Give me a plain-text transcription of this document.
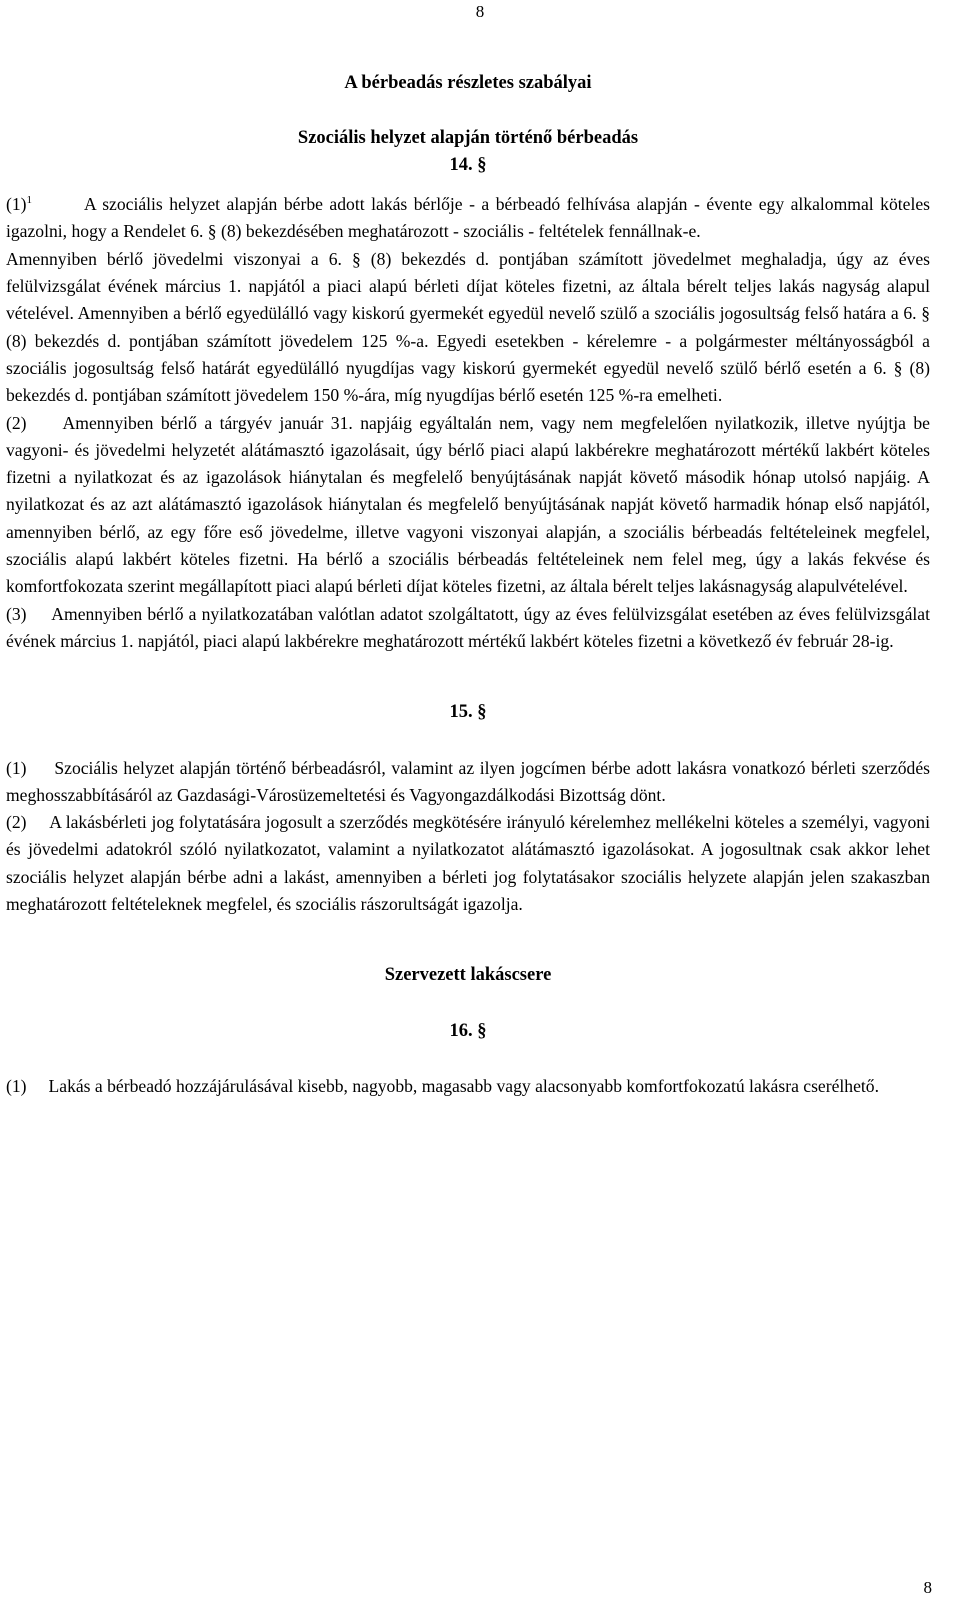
8
A bérbeadás részletes szabályai
Szociális helyzet alapján történő bérbeadás
14. §

$(1)^1$	A szociális helyzet alapján bérbe adott lakás bérlője - a bérbeadó felhívása alapján - évente egy alkalommal köteles igazolni, hogy a Rendelet 6. § (8) bekezdésében meghatározott - szociális - feltételek fennállnak-e.

Amennyiben bérlő jövedelmi viszonyai a 6. § (8) bekezdés d. pontjában számított jövedelmet meghaladja, úgy az éves felülvizsgálat évének március 1. napjától a piaci alapú bérleti díjat köteles fizetni, az általa bérelt teljes lakás nagyság alapul vételével. Amennyiben a bérlő egyedülálló vagy kiskorú gyermekét egyedül nevelő szülő a szociális jogosultság felső határa a 6. § (8) bekezdés d. pontjában számított jövedelem 125 %-a. Egyedi esetekben - kérelemre - a polgármester méltányosságból a szociális jogosultság felső határát egyedülálló nyugdíjas vagy kiskorú gyermekét egyedül nevelő szülő bérlő esetén a 6. § (8) bekezdés d. pontjában számított jövedelem 150 %-ára, míg nyugdíjas bérlő esetén 125 %-ra emelheti.

(2)     Amennyiben bérlő a tárgyév január 31. napjáig egyáltalán nem, vagy nem megfelelően nyilatkozik, illetve nyújtja be vagyoni- és jövedelmi helyzetét alátámasztó igazolásait, úgy bérlő piaci alapú lakbérekre meghatározott mértékű lakbért köteles fizetni a nyilatkozat és az igazolások hiánytalan és megfelelő benyújtásának napját követő második hónap utolsó napjáig. A nyilatkozat és az azt alátámasztó igazolások hiánytalan és megfelelő benyújtásának napját követő harmadik hónap első napjától, amennyiben bérlő, az egy főre eső jövedelme, illetve vagyoni viszonyai alapján, a szociális bérbeadás feltételeinek megfelel, szociális alapú lakbért köteles fizetni. Ha bérlő a szociális bérbeadás feltételeinek nem felel meg, úgy a lakás fekvése és komfortfokozata szerint megállapított piaci alapú bérleti díjat köteles fizetni, az általa bérelt teljes lakásnagyság alapulvételével.

(3)     Amennyiben bérlő a nyilatkozatában valótlan adatot szolgáltatott, úgy az éves felülvizsgálat esetében az éves felülvizsgálat évének március 1. napjától, piaci alapú lakbérekre meghatározott mértékű lakbért köteles fizetni a következő év február 28-ig.

15. §

(1)     Szociális helyzet alapján történő bérbeadásról, valamint az ilyen jogcímen bérbe adott lakásra vonatkozó bérleti szerződés meghosszabbításáról az Gazdasági-Városüzemeltetési és Vagyongazdálkodási Bizottság dönt.

(2)     A lakásbérleti jog folytatására jogosult a szerződés megkötésére irányuló kérelemhez mellékelni köteles a személyi, vagyoni és jövedelmi adatokról szóló nyilatkozatot, valamint a nyilatkozatot alátámasztó igazolásokat. A jogosultnak csak akkor lehet szociális helyzet alapján bérbe adni a lakást, amennyiben a bérleti jog folytatásakor szociális helyzete alapján jelen szakaszban meghatározott feltételeknek megfelel, és szociális rászorultságát igazolja.

Szervezett lakáscsere
16. §

(1)     Lakás a bérbeadó hozzájárulásával kisebb, nagyobb, magasabb vagy alacsonyabb komfortfokozatú lakásra cserélhető.

8
